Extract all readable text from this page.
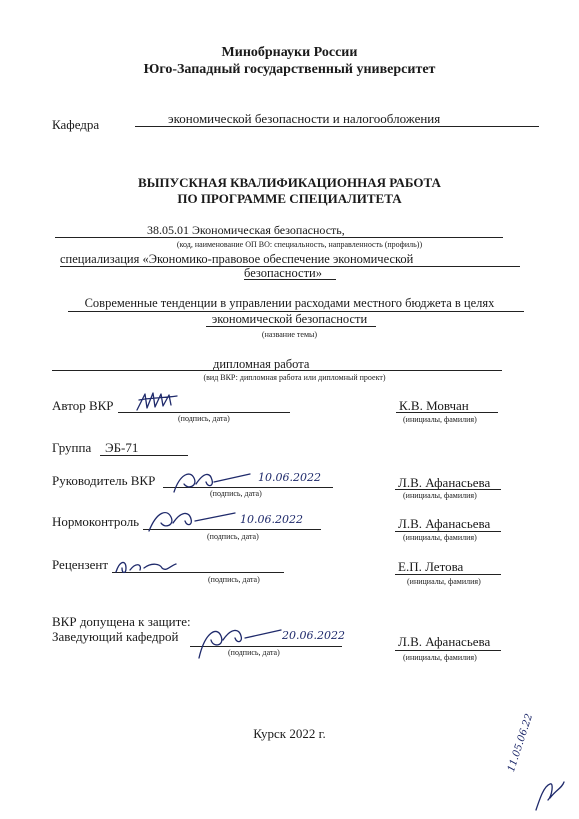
Минобрнауки России
Юго-Западный государственный университет
Кафедра	экономической безопасности и налогообложения
ВЫПУСКНАЯ КВАЛИФИКАЦИОННАЯ РАБОТА
ПО ПРОГРАММЕ СПЕЦИАЛИТЕТА
38.05.01 Экономическая безопасность,
(код, наименование ОП ВО: специальность, направленность (профиль))
специализация «Экономико-правовое обеспечение экономической
безопасности»
Современные тенденции в управлении расходами местного бюджета в целях
экономической безопасности
(название темы)
дипломная работа
(вид ВКР: дипломная работа или дипломный проект)
Автор ВКР
(подпись, дата)
К.В. Мовчан
(инициалы, фамилия)
Группа ЭБ-71
Руководитель ВКР	10.06.2022
(подпись, дата)
Л.В. Афанасьева
(инициалы, фамилия)
Нормоконтроль	10.06.2022
(подпись, дата)
Л.В. Афанасьева
(инициалы, фамилия)
Рецензент
(подпись, дата)
Е.П. Летова
(инициалы, фамилия)
ВКР допущена к защите:
Заведующий кафедрой	20.06.2022
(подпись, дата)
Л.В. Афанасьева
(инициалы, фамилия)
Курск 2022 г.	11.05.06.22
